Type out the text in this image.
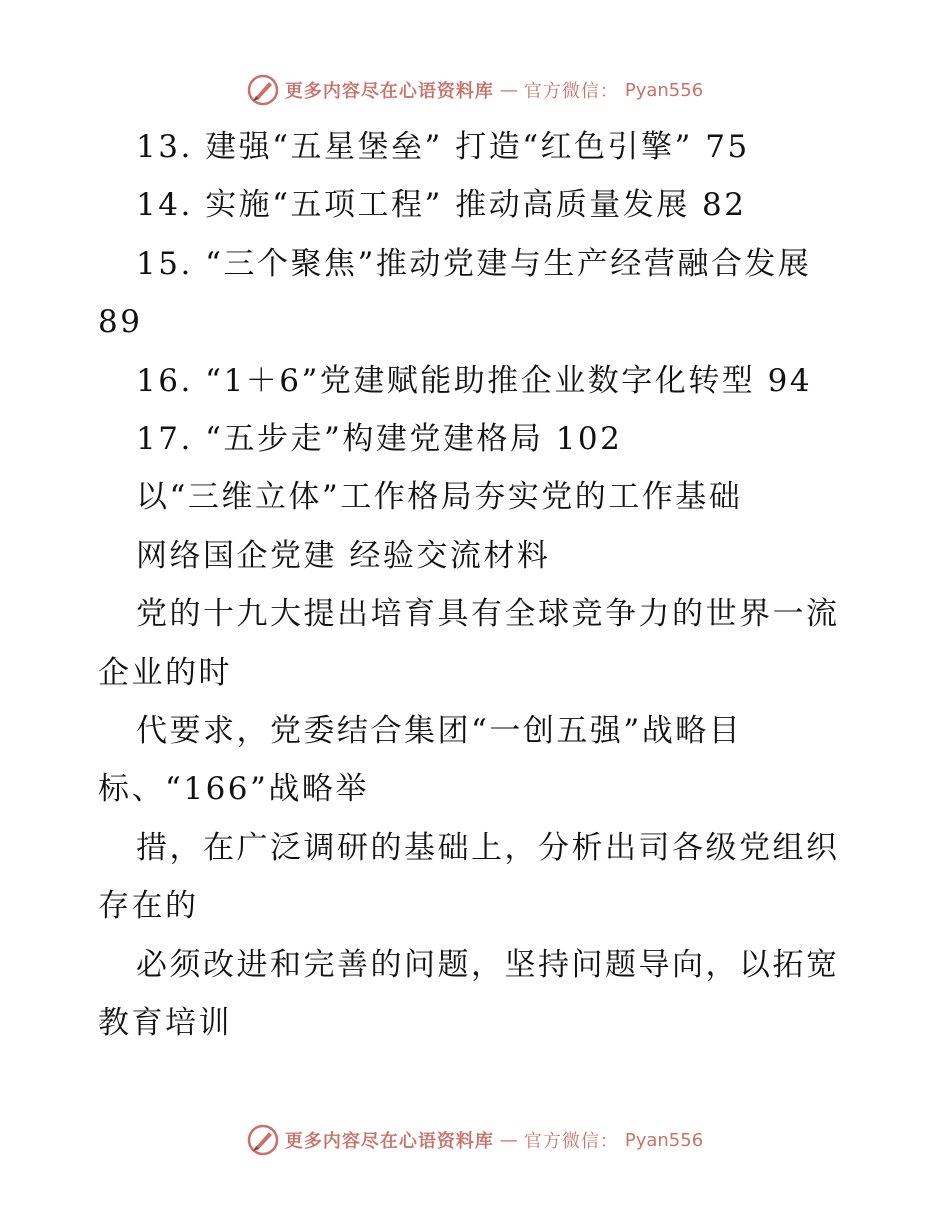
更多内容尽在心语资料库 — 官方微信： Pyan556
13. 建强“五星堡垒” 打造“红色引擎” 75
14. 实施“五项工程” 推动高质量发展 82
15. “三个聚焦”推动党建与生产经营融合发展
89
16. “1＋6”党建赋能助推企业数字化转型 94
17. “五步走”构建党建格局 102
以“三维立体”工作格局夯实党的工作基础
网络国企党建 经验交流材料
党的十九大提出培育具有全球竞争力的世界一流
企业的时
代要求，党委结合集团“一创五强”战略目
标、“166”战略举
措，在广泛调研的基础上，分析出司各级党组织
存在的
必须改进和完善的问题，坚持问题导向，以拓宽
教育培训
更多内容尽在心语资料库 — 官方微信： Pyan556
